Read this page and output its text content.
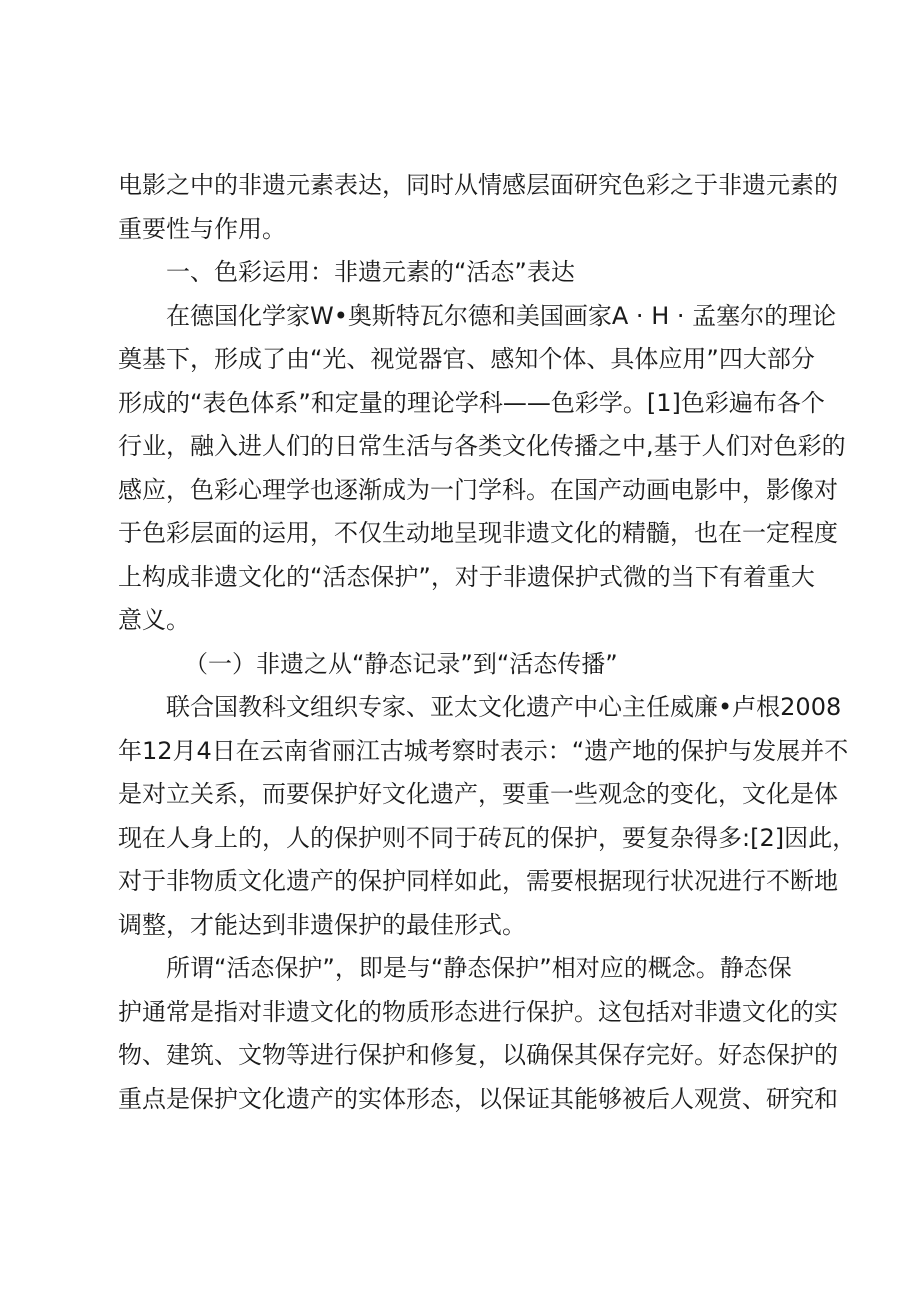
电影之中的非遗元素表达，同时从情感层面研究色彩之于非遗元素的
重要性与作用。
一、色彩运用：非遗元素的“活态”表达
在德国化学家W•奥斯特瓦尔德和美国画家A · H · 孟塞尔的理论
奠基下，形成了由“光、视觉器官、感知个体、具体应用”四大部分
形成的“表色体系”和定量的理论学科——色彩学。[1]色彩遍布各个
行业，融入进人们的日常生活与各类文化传播之中,基于人们对色彩的
感应，色彩心理学也逐渐成为一门学科。在国产动画电影中，影像对
于色彩层面的运用，不仅生动地呈现非遗文化的精髓，也在一定程度
上构成非遗文化的“活态保护”，对于非遗保护式微的当下有着重大
意义。
（一）非遗之从“静态记录”到“活态传播”
联合国教科文组织专家、亚太文化遗产中心主任威廉•卢根2008
年12月4日在云南省丽江古城考察时表示：“遗产地的保护与发展并不
是对立关系，而要保护好文化遗产，要重一些观念的变化，文化是体
现在人身上的，人的保护则不同于砖瓦的保护，要复杂得多:[2]因此，
对于非物质文化遗产的保护同样如此，需要根据现行状况进行不断地
调整，才能达到非遗保护的最佳形式。
所谓“活态保护”，即是与“静态保护”相对应的概念。静态保
护通常是指对非遗文化的物质形态进行保护。这包括对非遗文化的实
物、建筑、文物等进行保护和修复，以确保其保存完好。好态保护的
重点是保护文化遗产的实体形态，以保证其能够被后人观赏、研究和
